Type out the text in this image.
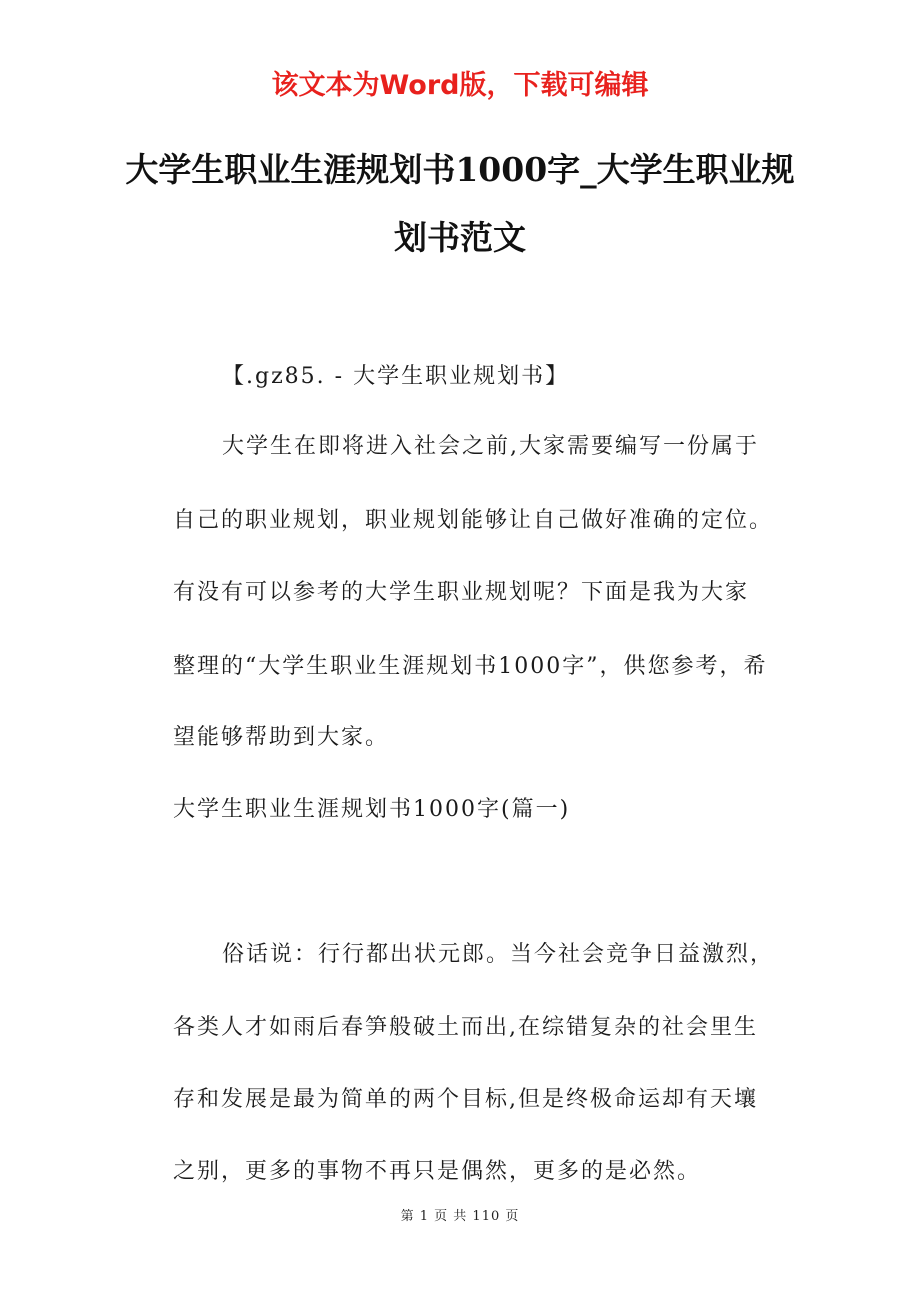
该文本为Word版，下载可编辑
大学生职业生涯规划书1000字_大学生职业规划书范文
【.gz85. - 大学生职业规划书】
大学生在即将进入社会之前,大家需要编写一份属于
自己的职业规划，职业规划能够让自己做好准确的定位。
有没有可以参考的大学生职业规划呢？下面是我为大家
整理的“大学生职业生涯规划书1000字”，供您参考，希
望能够帮助到大家。
大学生职业生涯规划书1000字(篇一)
俗话说：行行都出状元郎。当今社会竞争日益激烈，
各类人才如雨后春笋般破土而出,在综错复杂的社会里生
存和发展是最为简单的两个目标,但是终极命运却有天壤
之别，更多的事物不再只是偶然，更多的是必然。
第 1 页 共 110 页
